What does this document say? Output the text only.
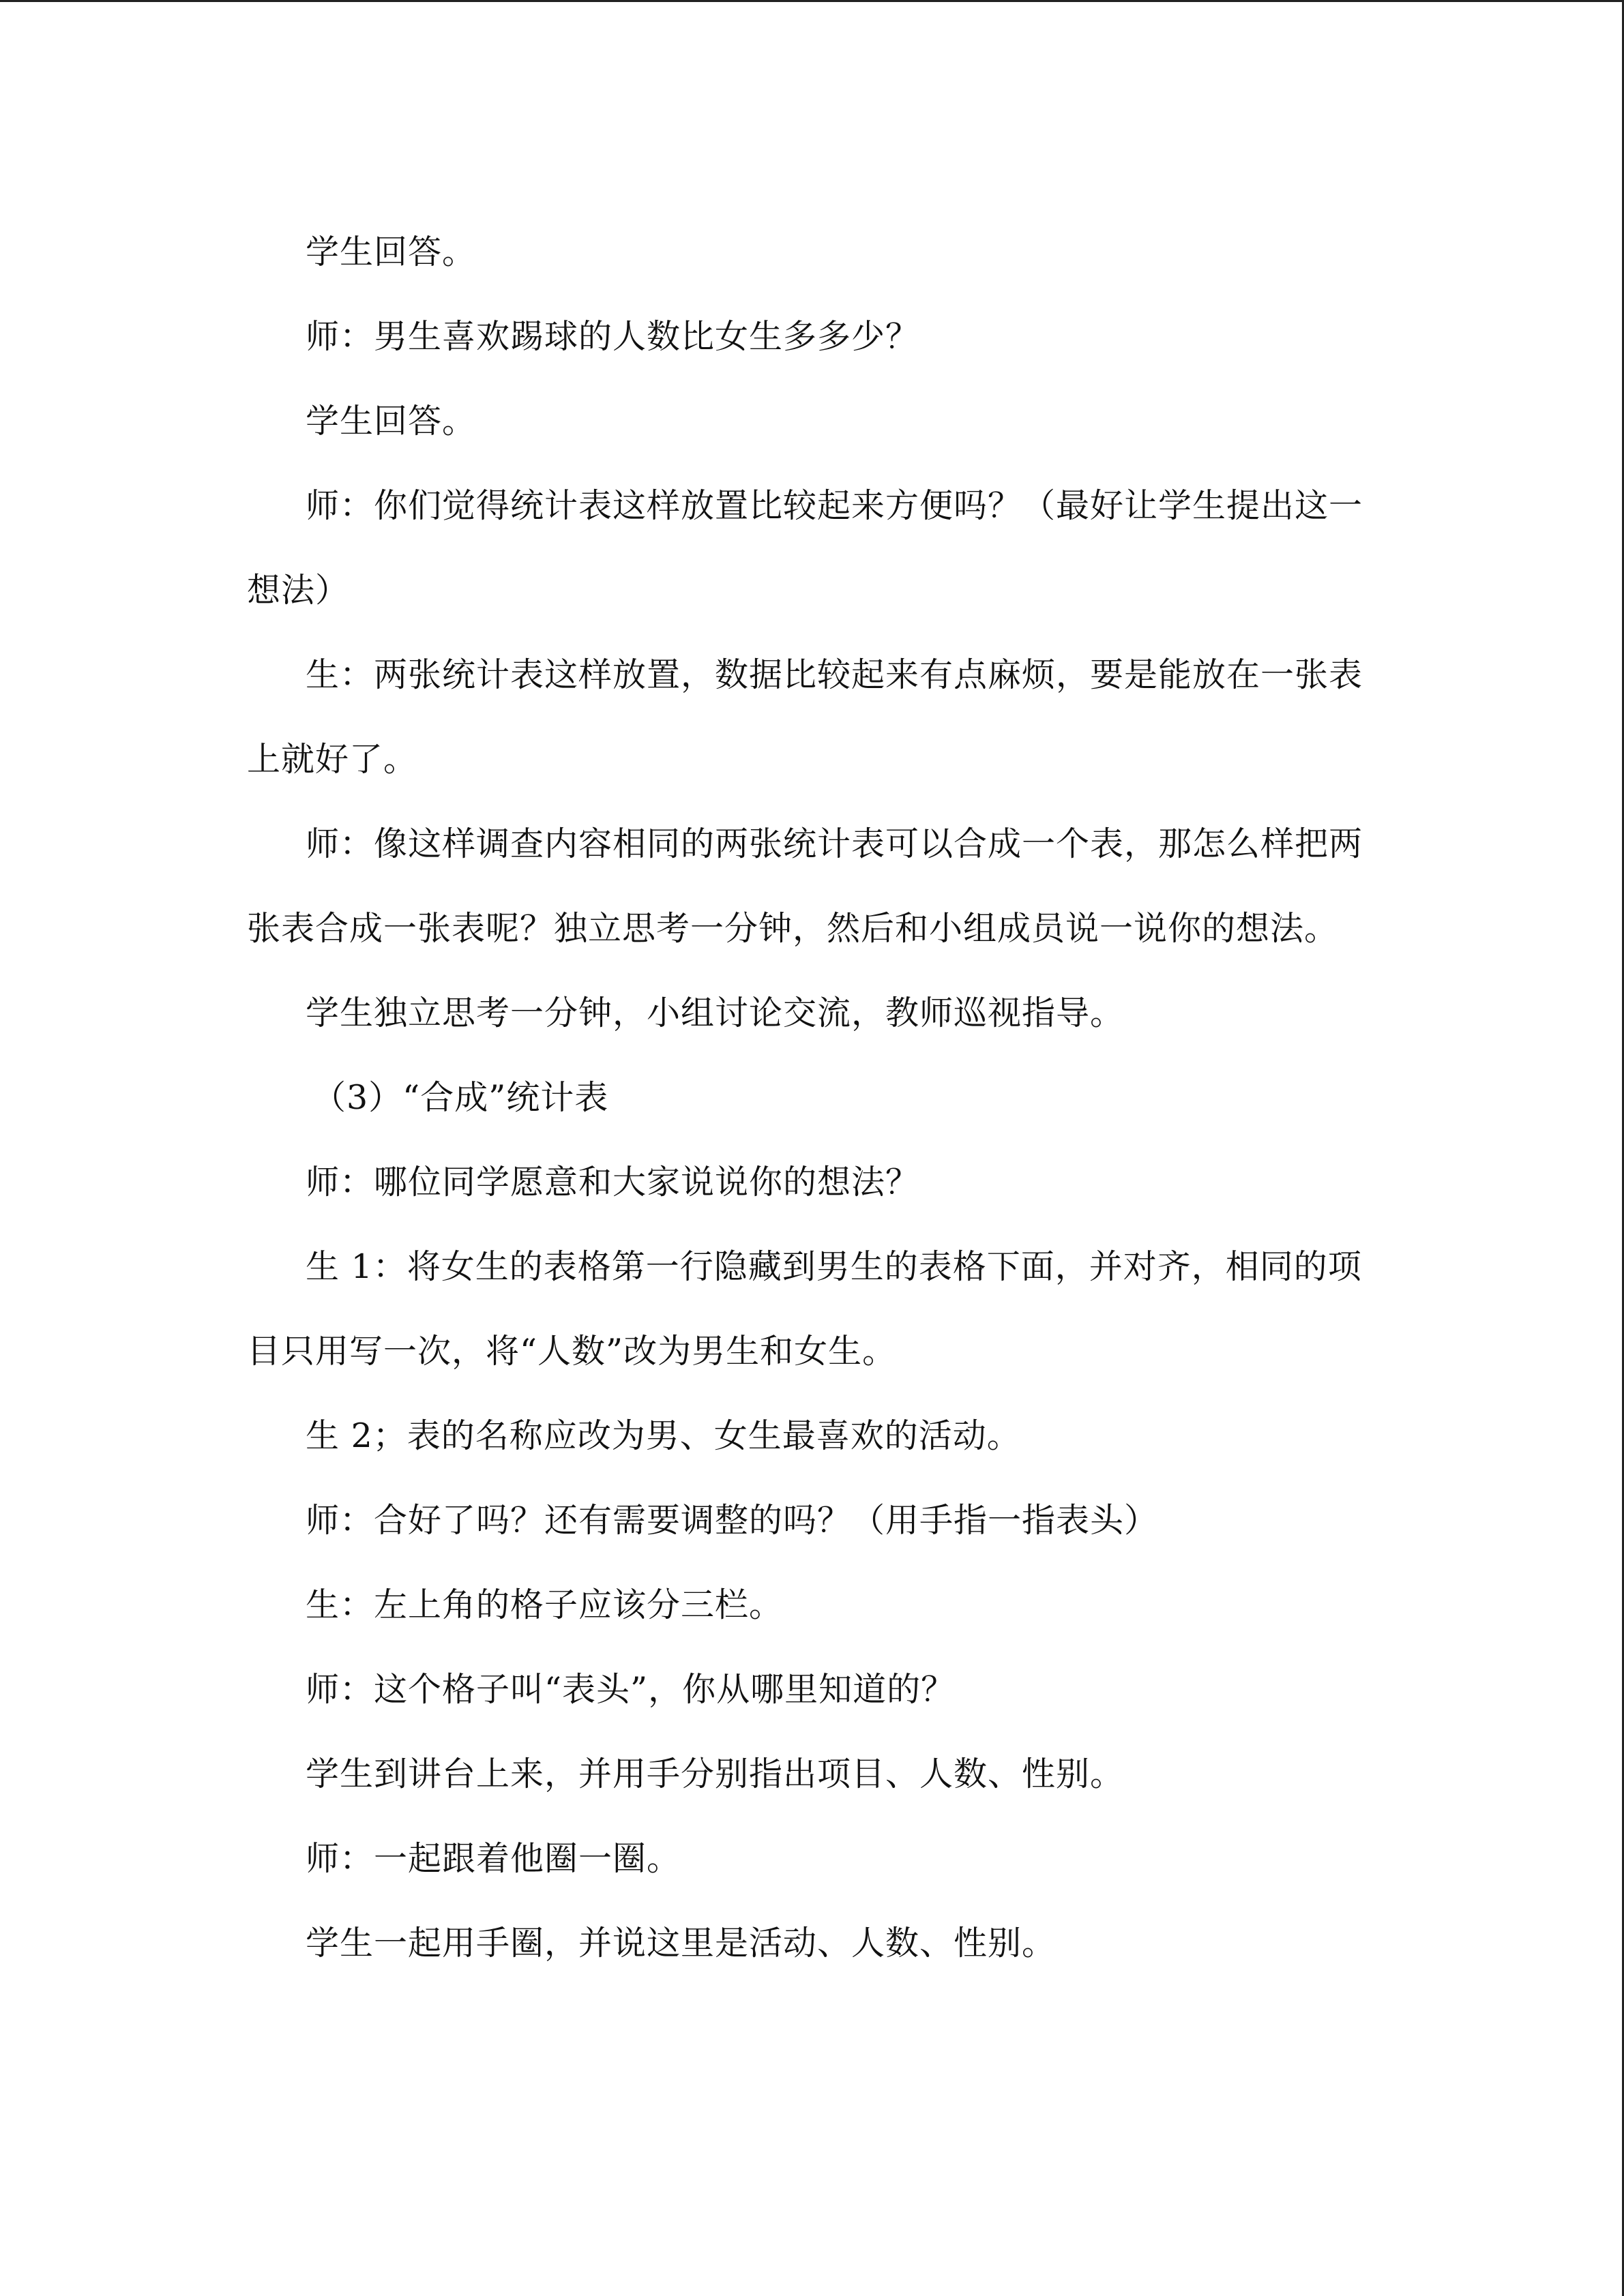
学生回答。

师：男生喜欢踢球的人数比女生多多少？

学生回答。

师：你们觉得统计表这样放置比较起来方便吗？（最好让学生提出这一想法）

生：两张统计表这样放置，数据比较起来有点麻烦，要是能放在一张表上就好了。

师：像这样调查内容相同的两张统计表可以合成一个表，那怎么样把两张表合成一张表呢？独立思考一分钟，然后和小组成员说一说你的想法。

学生独立思考一分钟，小组讨论交流，教师巡视指导。

（3）“合成”统计表

师：哪位同学愿意和大家说说你的想法？

生 1：将女生的表格第一行隐藏到男生的表格下面，并对齐，相同的项目只用写一次，将“人数”改为男生和女生。

生 2；表的名称应改为男、女生最喜欢的活动。

师：合好了吗？还有需要调整的吗？（用手指一指表头）

生：左上角的格子应该分三栏。

师：这个格子叫“表头”，你从哪里知道的？

学生到讲台上来，并用手分别指出项目、人数、性别。

师：一起跟着他圈一圈。

学生一起用手圈，并说这里是活动、人数、性别。
